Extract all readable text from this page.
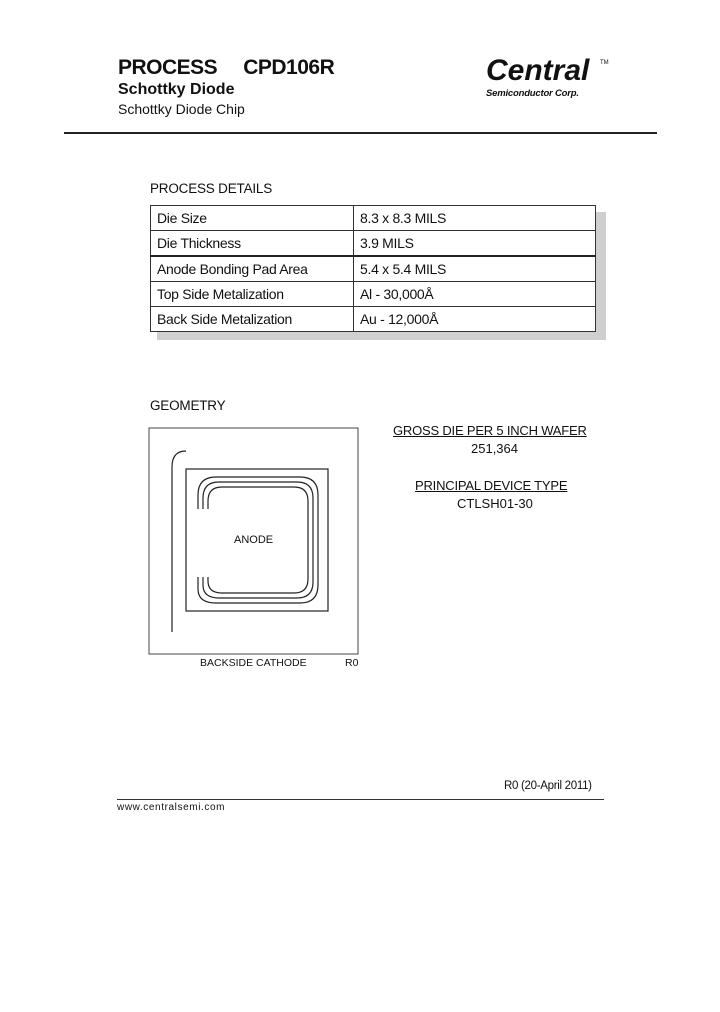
PROCESS CPD106R
Schottky Diode
Schottky Diode Chip
Central TM
Semiconductor Corp.
PROCESS DETAILS
Die Size	8.3 x 8.3 MILS
Die Thickness	3.9 MILS
Anode Bonding Pad Area	5.4 x 5.4 MILS
Top Side Metalization	Al - 30,000Å
Back Side Metalization	Au - 12,000Å
GEOMETRY
ANODE
BACKSIDE CATHODE	R0
GROSS DIE PER 5 INCH WAFER
251,364
PRINCIPAL DEVICE TYPE
CTLSH01-30
R0 (20-April 2011)
www.centralsemi.com
